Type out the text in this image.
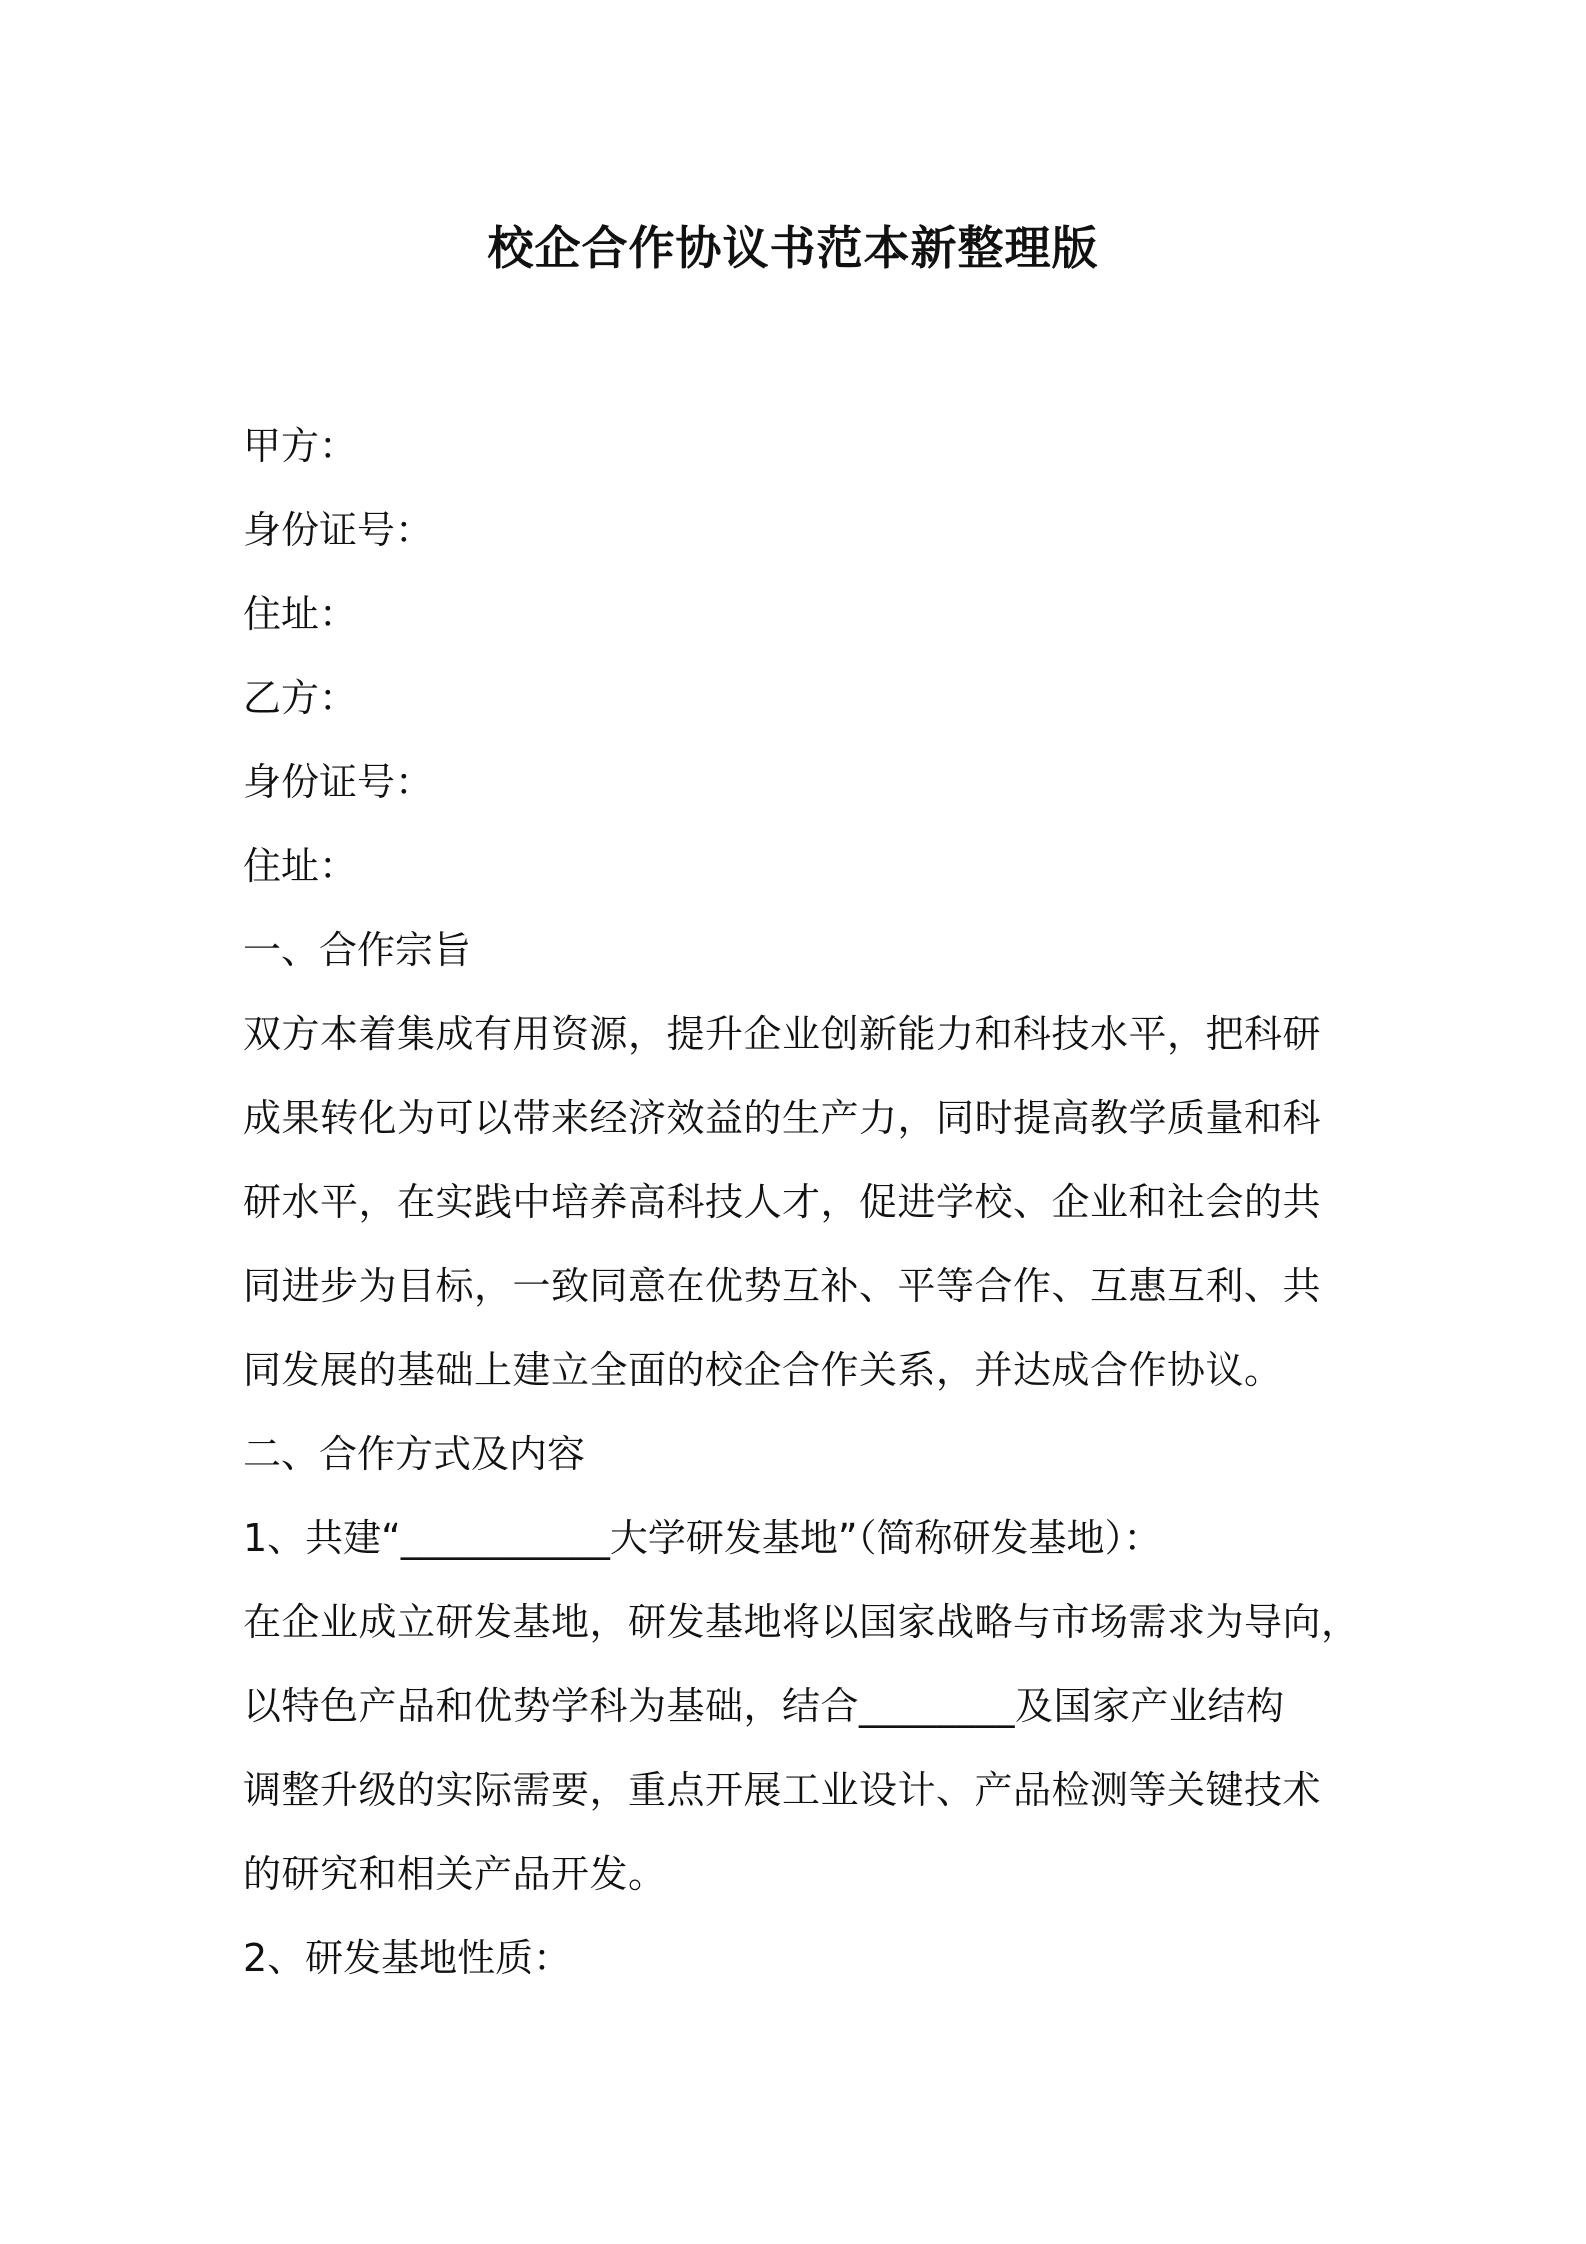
校企合作协议书范本新整理版
甲方：
身份证号：
住址：
乙方：
身份证号：
住址：
一、合作宗旨
双方本着集成有用资源，提升企业创新能力和科技水平，把科研
成果转化为可以带来经济效益的生产力，同时提高教学质量和科
研水平，在实践中培养高科技人才，促进学校、企业和社会的共
同进步为目标，一致同意在优势互补、平等合作、互惠互利、共
同发展的基础上建立全面的校企合作关系，并达成合作协议。
二、合作方式及内容
1、共建“___________大学研发基地”（简称研发基地）：
在企业成立研发基地，研发基地将以国家战略与市场需求为导向，
以特色产品和优势学科为基础，结合________及国家产业结构
调整升级的实际需要，重点开展工业设计、产品检测等关键技术
的研究和相关产品开发。
2、研发基地性质：
